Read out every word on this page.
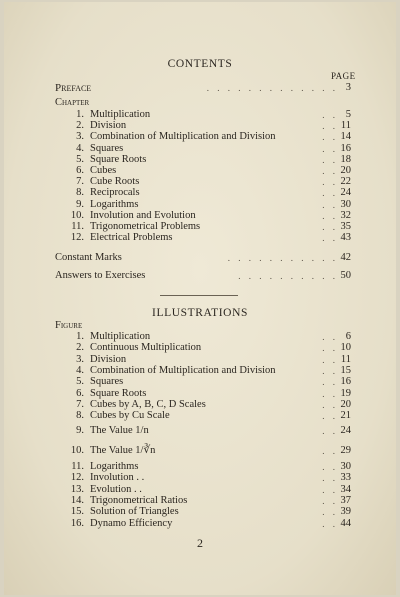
CONTENTS
PAGE
Preface	. . . . . . . . . . . . . 3
Chapter
1. Multiplication	. . 5
2. Division	. . 11
3. Combination of Multiplication and Division	. . 14
4. Squares	. . 16
5. Square Roots	. . 18
6. Cubes	. . 20
7. Cube Roots	. . 22
8. Reciprocals	. . 24
9. Logarithms	. . 30
10. Involution and Evolution	. . 32
11. Trigonometrical Problems	. . 35
12. Electrical Problems	. . 43
Constant Marks	. . . . . . . . . . . 42
Answers to Exercises	. . . . . . . . . . 50
ILLUSTRATIONS
Figure
1. Multiplication	. . 6
2. Continuous Multiplication	. . 10
3. Division	. . 11
4. Combination of Multiplication and Division	. . 15
5. Squares	. . 16
6. Square Roots	. . 19
7. Cubes by A, B, C, D Scales	. . 20
8. Cubes by Cu Scale	. . 21
9. The Value 1/n	. . 24
10. The Value 1/∛n	. . 29
11. Logarithms	. . 30
12. Involution . .	. . 33
13. Evolution . .	. . 34
14. Trigonometrical Ratios	. . 37
15. Solution of Triangles	. . 39
16. Dynamo Efficiency	. . 44
2
